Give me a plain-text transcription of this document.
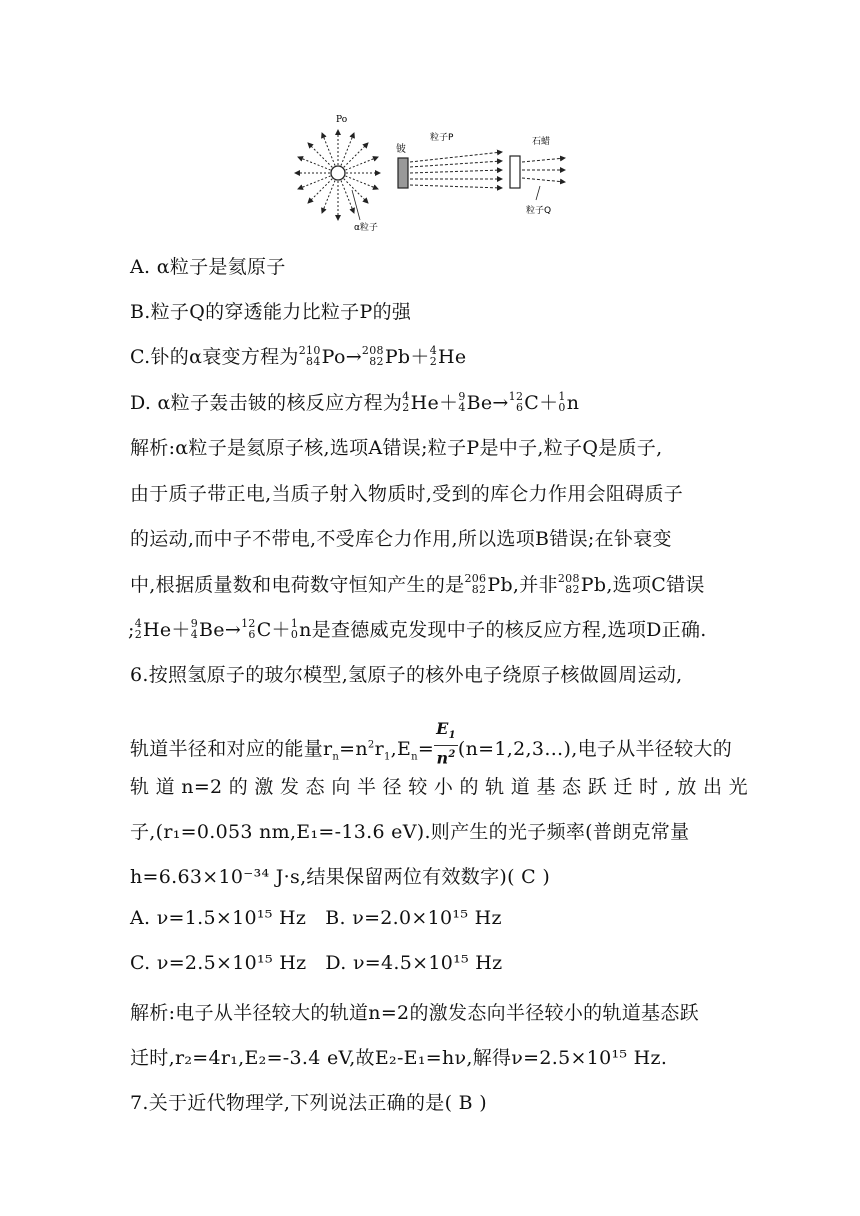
Po
α粒子
铍
粒子P	石蜡
粒子Q
A. α粒子是氦原子
B.粒子Q的穿透能力比粒子P的强
C.钋的α衰变方程为 210
84 Po→ 208
82 Pb＋ 4
2 He
D. α粒子轰击铍的核反应方程为 4
2 He＋ 9
4 Be→ 12
6 C＋ 1
0 n
解析:α粒子是氦原子核,选项A错误;粒子P是中子,粒子Q是质子,
由于质子带正电,当质子射入物质时,受到的库仑力作用会阻碍质子
的运动,而中子不带电,不受库仑力作用,所以选项B错误;在钋衰变
中,根据质量数和电荷数守恒知产生的是 206
82 Pb,并非 208
82 Pb,选项C错误
; 4
2 He＋ 9
4 Be→ 12
6 C＋ 1
0 n是查德威克发现中子的核反应方程,选项D正确.
6.按照氢原子的玻尔模型,氢原子的核外电子绕原子核做圆周运动,
轨道半径和对应的能量$r_n=n^2r_1,E_n= \frac{E_1}{n^2}$ (n=1,2,3…),电子从半径较大的
轨 道 n=2 的 激 发 态 向 半 径 较 小 的 轨 道 基 态 跃 迁 时 , 放 出 光
子,(r₁=0.053 nm,E₁=-13.6 eV).则产生的光子频率(普朗克常量
h=6.63×10⁻³⁴ J·s,结果保留两位有效数字)( C )
A. ν=1.5×10¹⁵ Hz B. ν=2.0×10¹⁵ Hz
C. ν=2.5×10¹⁵ Hz D. ν=4.5×10¹⁵ Hz
解析:电子从半径较大的轨道n=2的激发态向半径较小的轨道基态跃
迁时,r₂=4r₁,E₂=-3.4 eV,故E₂-E₁=hν,解得ν=2.5×10¹⁵ Hz.
7.关于近代物理学,下列说法正确的是( B )
